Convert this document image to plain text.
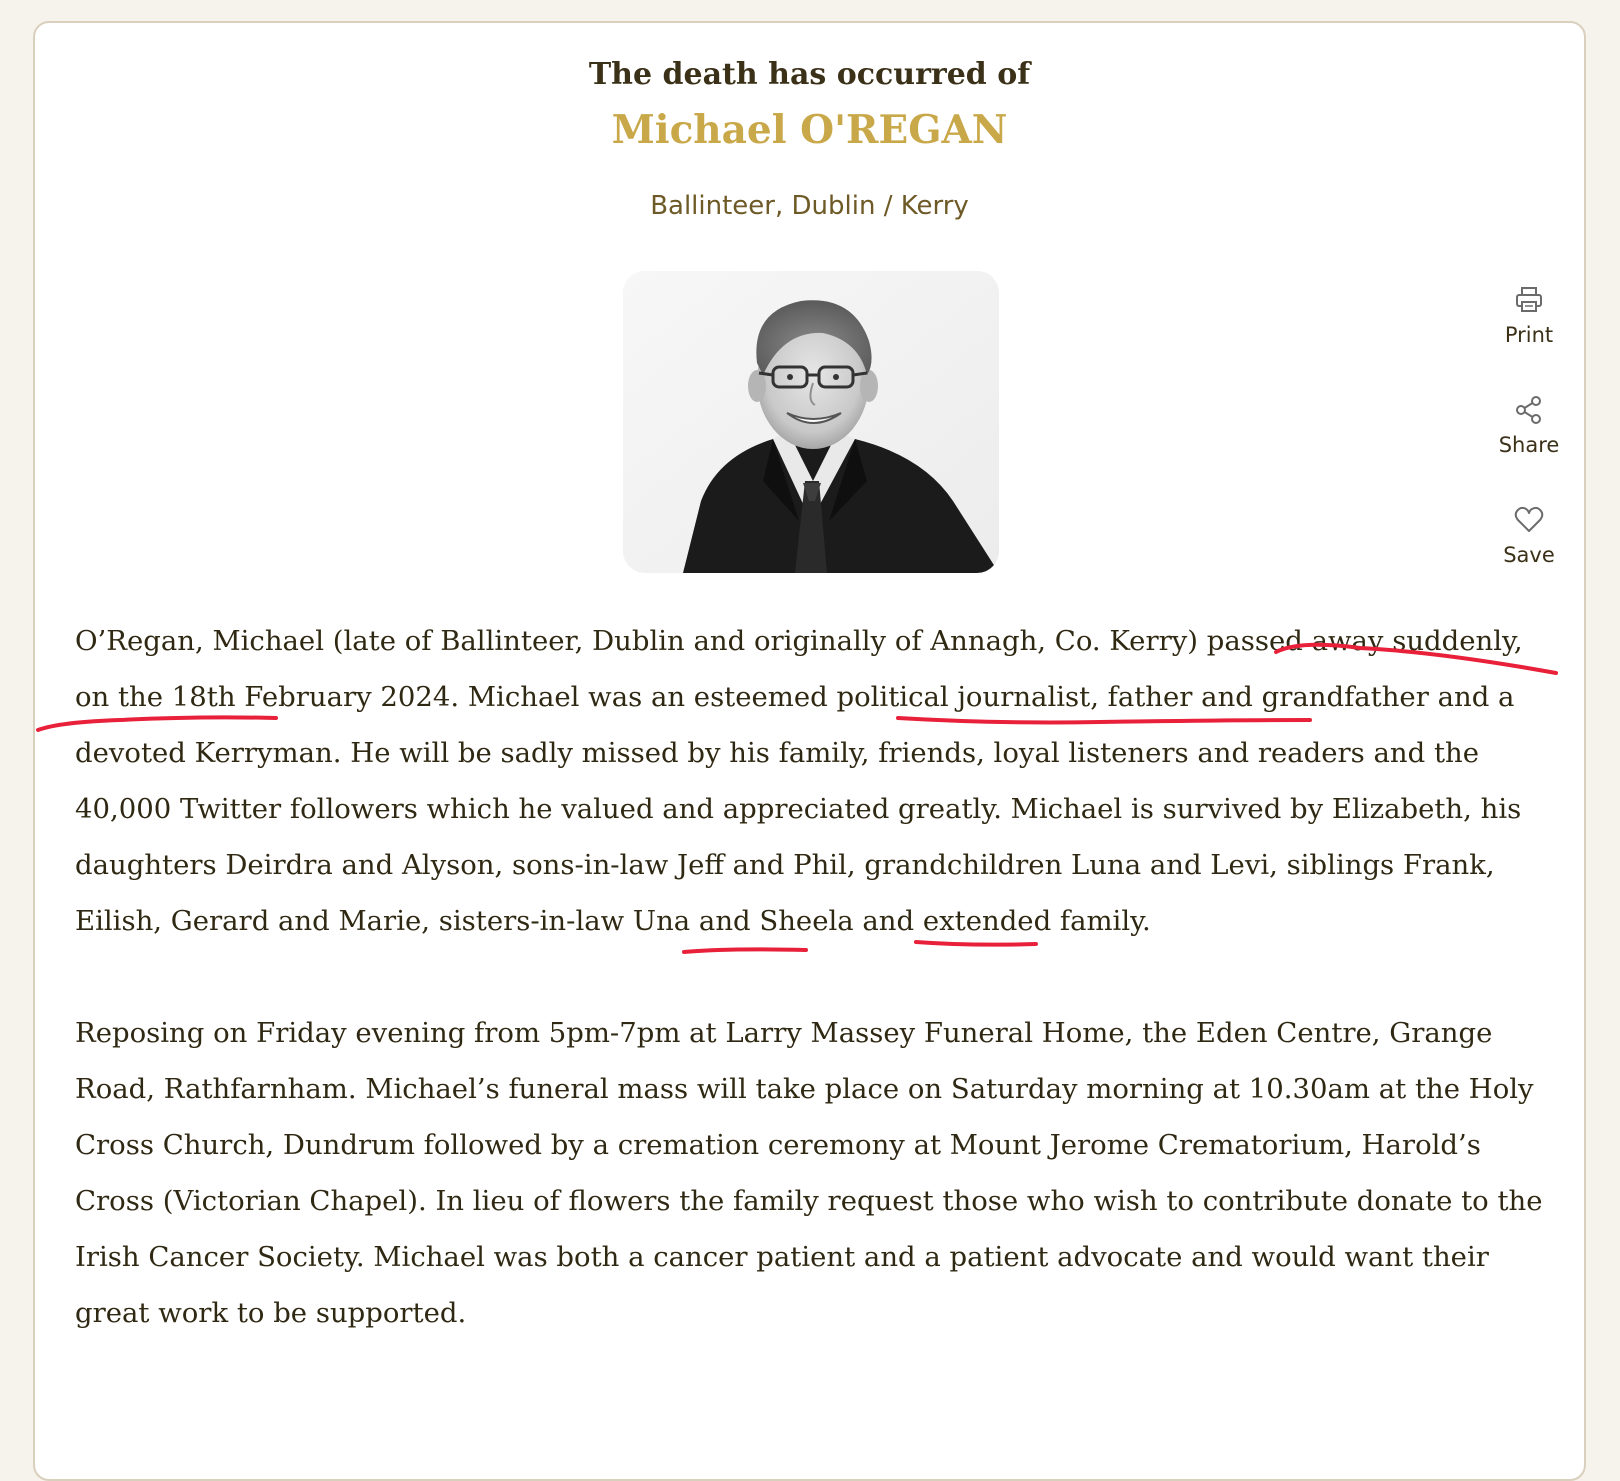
The death has occurred of
Michael O'REGAN
Ballinteer, Dublin / Kerry
Print
Share
Save

O’Regan, Michael (late of Ballinteer, Dublin and originally of Annagh, Co. Kerry) passed away suddenly, on the 18th February 2024. Michael was an esteemed political journalist, father and grandfather and a devoted Kerryman. He will be sadly missed by his family, friends, loyal listeners and readers and the 40,000 Twitter followers which he valued and appreciated greatly. Michael is survived by Elizabeth, his daughters Deirdra and Alyson, sons-in-law Jeff and Phil, grandchildren Luna and Levi, siblings Frank, Eilish, Gerard and Marie, sisters-in-law Una and Sheela and extended family.

Reposing on Friday evening from 5pm-7pm at Larry Massey Funeral Home, the Eden Centre, Grange Road, Rathfarnham. Michael’s funeral mass will take place on Saturday morning at 10.30am at the Holy Cross Church, Dundrum followed by a cremation ceremony at Mount Jerome Crematorium, Harold’s Cross (Victorian Chapel). In lieu of flowers the family request those who wish to contribute donate to the Irish Cancer Society. Michael was both a cancer patient and a patient advocate and would want their great work to be supported.
